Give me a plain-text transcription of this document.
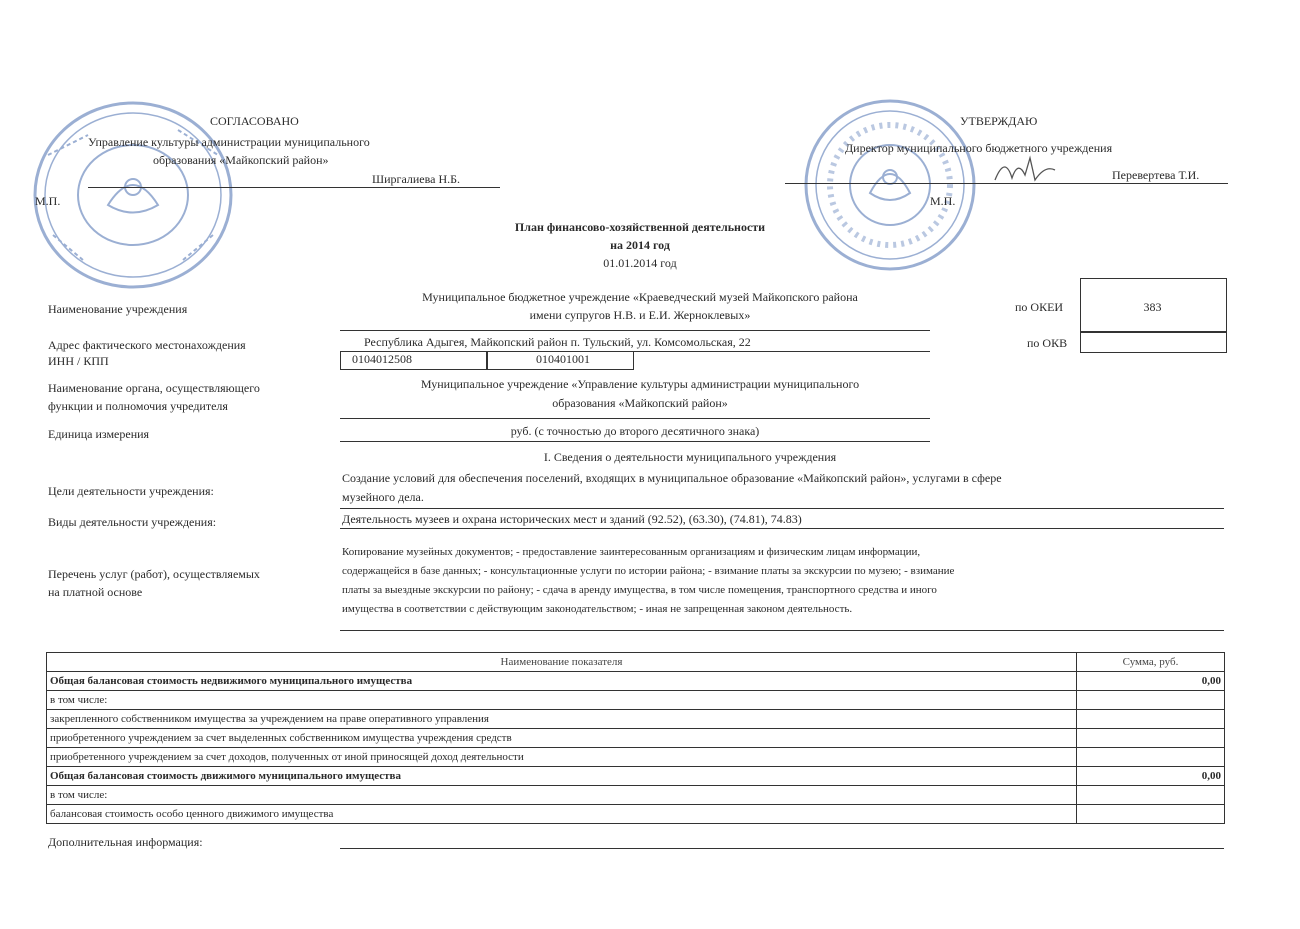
СОГЛАСОВАНО
Управление культуры администрации муниципального
образования «Майкопский район»
Ширгалиева Н.Б.
М.П.
УТВЕРЖДАЮ
Директор муниципального бюджетного учреждения
Перевертева Т.И.
М.П.
План финансово-хозяйственной деятельности
на 2014 год
01.01.2014 год
Наименование учреждения
Муниципальное бюджетное учреждение «Краеведческий музей Майкопского района
имени супругов Н.В. и Е.И. Жерноклевых»
по ОКЕИ	383
Адрес фактического местонахождения	Республика Адыгея, Майкопский район п. Тульский, ул. Комсомольская, 22	по ОКВ
ИНН / КПП	0104012508	010401001
Наименование органа, осуществляющего
функции и полномочия учредителя
Муниципальное учреждение «Управление культуры администрации муниципального
образования «Майкопский район»
Единица измерения	руб. (с точностью до второго десятичного знака)
I. Сведения о деятельности муниципального учреждения
Цели деятельности учреждения:
Создание условий для обеспечения поселений, входящих в муниципальное образование «Майкопский район», услугами в сфере
музейного дела.
Виды деятельности учреждения:	Деятельность музеев и охрана исторических мест и зданий (92.52), (63.30), (74.81), 74.83)
Перечень услуг (работ), осуществляемых
на платной основе
Копирование музейных документов; - предоставление заинтересованным организациям и физическим лицам информации,
содержащейся в базе данных; - консультационные услуги по истории района; - взимание платы за экскурсии по музею; - взимание
платы за выездные экскурсии по району; - сдача в аренду имущества, в том числе помещения, транспортного средства и иного
имущества в соответствии с действующим законодательством; - иная не запрещенная законом деятельность.
Наименование показателя	Сумма, руб.
Общая балансовая стоимость недвижимого муниципального имущества	0,00
в том числе:	
закрепленного собственником имущества за учреждением на праве оперативного управления	
приобретенного учреждением за счет выделенных собственником имущества учреждения средств	
приобретенного учреждением за счет доходов, полученных от иной приносящей доход деятельности	
Общая балансовая стоимость движимого муниципального имущества	0,00
в том числе:	
балансовая стоимость особо ценного движимого имущества	
Дополнительная информация:
